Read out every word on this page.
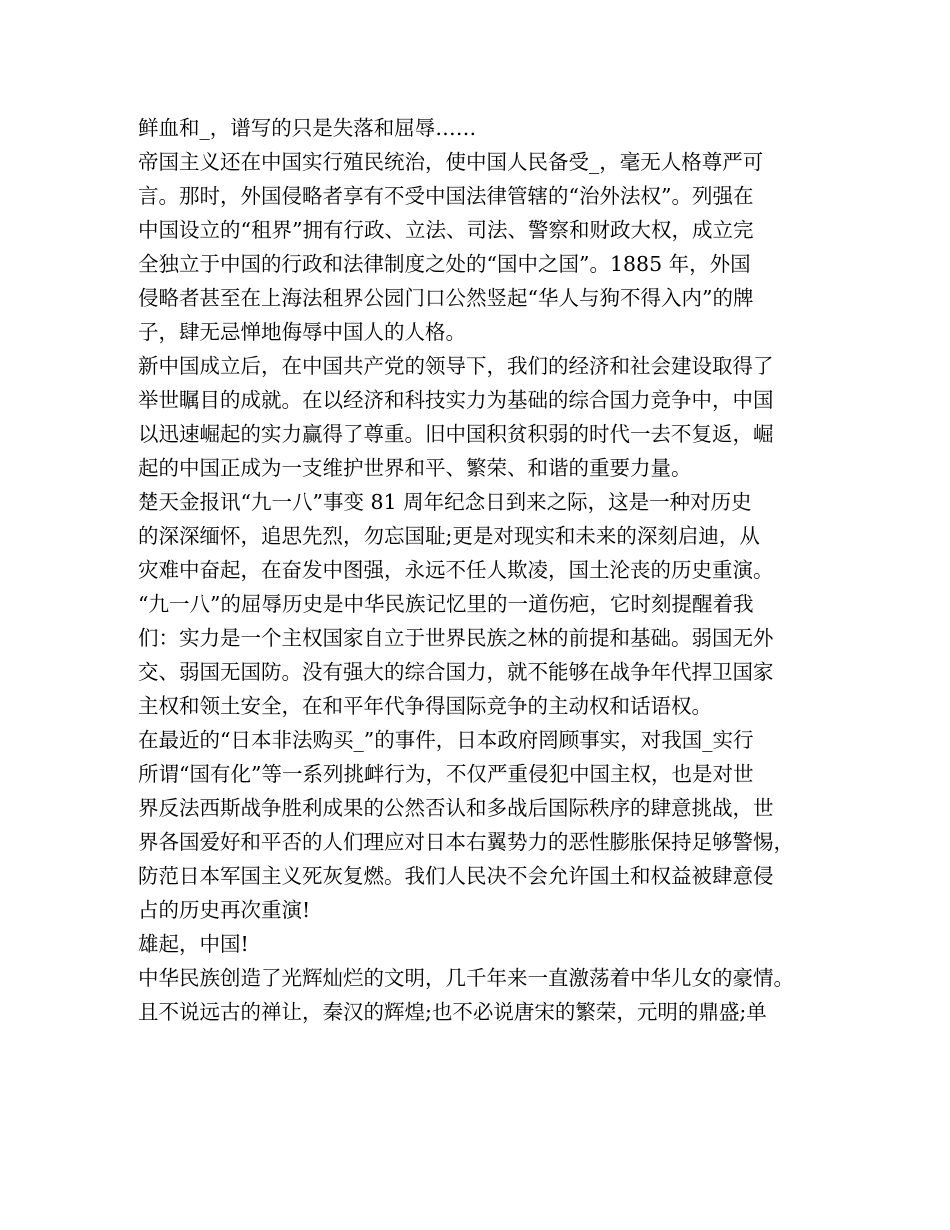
鲜血和_，谱写的只是失落和屈辱……
帝国主义还在中国实行殖民统治，使中国人民备受_，毫无人格尊严可
言。那时，外国侵略者享有不受中国法律管辖的“治外法权”。列强在
中国设立的“租界”拥有行政、立法、司法、警察和财政大权，成立完
全独立于中国的行政和法律制度之处的“国中之国”。1885 年，外国
侵略者甚至在上海法租界公园门口公然竖起“华人与狗不得入内”的牌
子，肆无忌惮地侮辱中国人的人格。
新中国成立后，在中国共产党的领导下，我们的经济和社会建设取得了
举世瞩目的成就。在以经济和科技实力为基础的综合国力竞争中，中国
以迅速崛起的实力赢得了尊重。旧中国积贫积弱的时代一去不复返，崛
起的中国正成为一支维护世界和平、繁荣、和谐的重要力量。
楚天金报讯“九一八”事变 81 周年纪念日到来之际，这是一种对历史
的深深缅怀，追思先烈，勿忘国耻;更是对现实和未来的深刻启迪，从
灾难中奋起，在奋发中图强，永远不任人欺凌，国土沦丧的历史重演。
“九一八”的屈辱历史是中华民族记忆里的一道伤疤，它时刻提醒着我
们：实力是一个主权国家自立于世界民族之林的前提和基础。弱国无外
交、弱国无国防。没有强大的综合国力，就不能够在战争年代捍卫国家
主权和领土安全，在和平年代争得国际竞争的主动权和话语权。
在最近的“日本非法购买_”的事件，日本政府罔顾事实，对我国_实行
所谓“国有化”等一系列挑衅行为，不仅严重侵犯中国主权，也是对世
界反法西斯战争胜利成果的公然否认和多战后国际秩序的肆意挑战，世
界各国爱好和平否的人们理应对日本右翼势力的恶性膨胀保持足够警惕，
防范日本军国主义死灰复燃。我们人民决不会允许国土和权益被肆意侵
占的历史再次重演!
雄起，中国!
中华民族创造了光辉灿烂的文明，几千年来一直激荡着中华儿女的豪情。
且不说远古的禅让，秦汉的辉煌;也不必说唐宋的繁荣，元明的鼎盛;单
